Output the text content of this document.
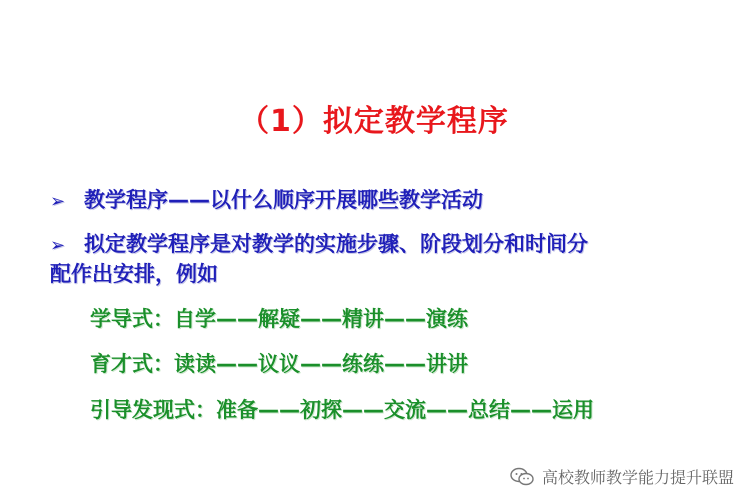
（1）拟定教学程序
➢ 教学程序——以什么顺序开展哪些教学活动
➢ 拟定教学程序是对教学的实施步骤、阶段划分和时间分
配作出安排，例如
学导式：自学——解疑——精讲——演练
育才式：读读——议议——练练——讲讲
引导发现式：准备——初探——交流——总结——运用
高校教师教学能力提升联盟
